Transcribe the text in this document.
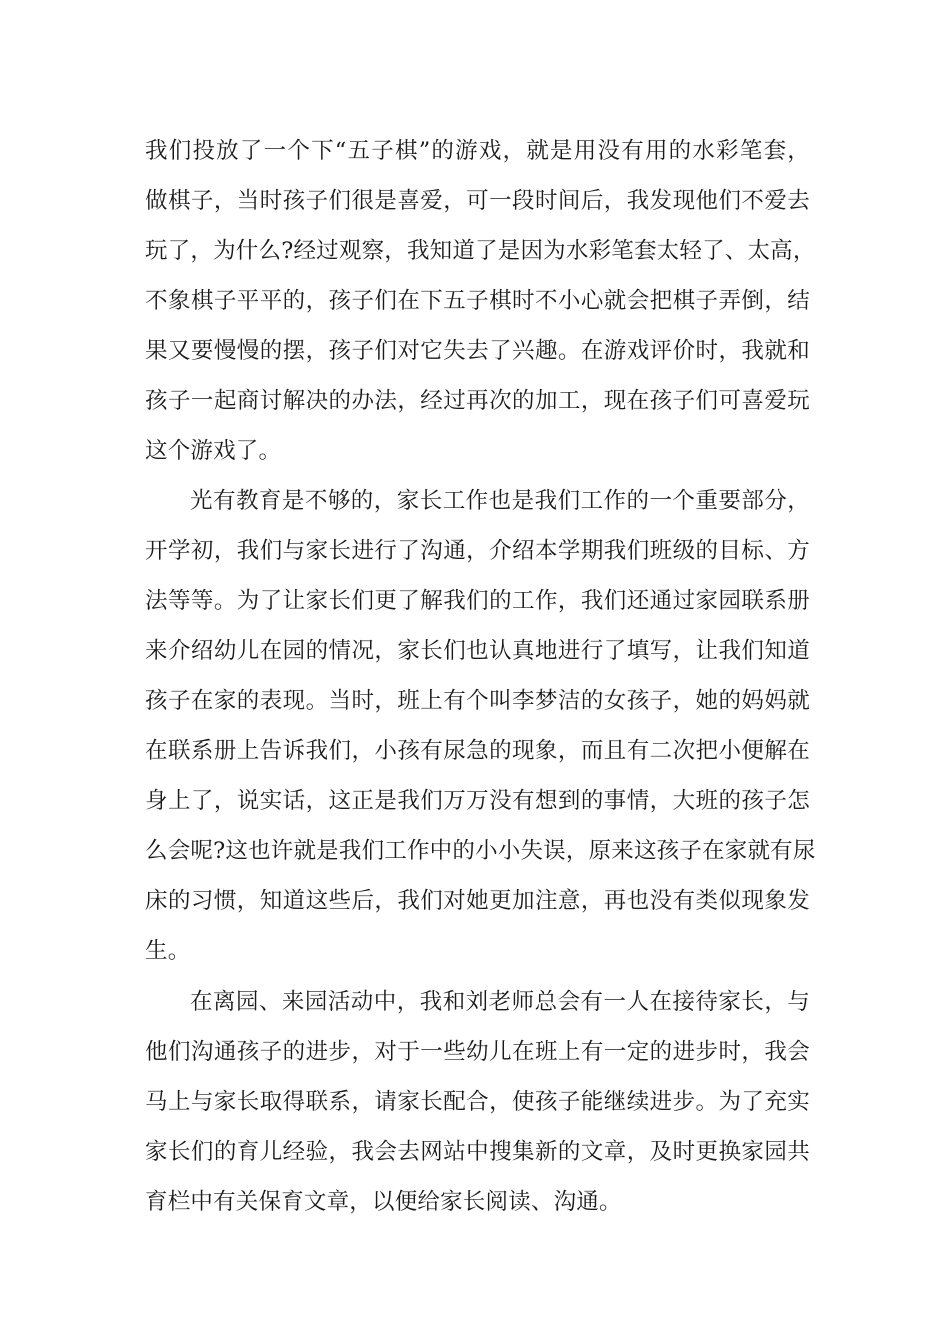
我们投放了一个下“五子棋”的游戏，就是用没有用的水彩笔套，
做棋子，当时孩子们很是喜爱，可一段时间后，我发现他们不爱去
玩了，为什么?经过观察，我知道了是因为水彩笔套太轻了、太高，
不象棋子平平的，孩子们在下五子棋时不小心就会把棋子弄倒，结
果又要慢慢的摆，孩子们对它失去了兴趣。在游戏评价时，我就和
孩子一起商讨解决的办法，经过再次的加工，现在孩子们可喜爱玩
这个游戏了。
光有教育是不够的，家长工作也是我们工作的一个重要部分，
开学初，我们与家长进行了沟通，介绍本学期我们班级的目标、方
法等等。为了让家长们更了解我们的工作，我们还通过家园联系册
来介绍幼儿在园的情况，家长们也认真地进行了填写，让我们知道
孩子在家的表现。当时，班上有个叫李梦洁的女孩子，她的妈妈就
在联系册上告诉我们，小孩有尿急的现象，而且有二次把小便解在
身上了，说实话，这正是我们万万没有想到的事情，大班的孩子怎
么会呢?这也许就是我们工作中的小小失误，原来这孩子在家就有尿
床的习惯，知道这些后，我们对她更加注意，再也没有类似现象发
生。
在离园、来园活动中，我和刘老师总会有一人在接待家长，与
他们沟通孩子的进步，对于一些幼儿在班上有一定的进步时，我会
马上与家长取得联系，请家长配合，使孩子能继续进步。为了充实
家长们的育儿经验，我会去网站中搜集新的文章，及时更换家园共
育栏中有关保育文章，以便给家长阅读、沟通。
